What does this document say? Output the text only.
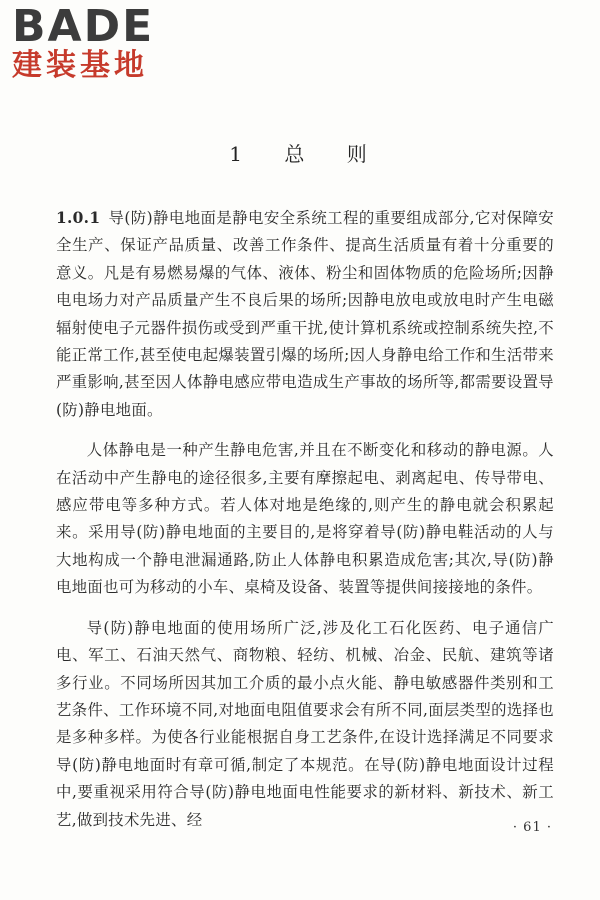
BADE
建装基地
1 总 则

1.0.1 导(防)静电地面是静电安全系统工程的重要组成部分,它对保障安全生产、保证产品质量、改善工作条件、提高生活质量有着十分重要的意义。凡是有易燃易爆的气体、液体、粉尘和固体物质的危险场所;因静电电场力对产品质量产生不良后果的场所;因静电放电或放电时产生电磁辐射使电子元器件损伤或受到严重干扰,使计算机系统或控制系统失控,不能正常工作,甚至使电起爆装置引爆的场所;因人身静电给工作和生活带来严重影响,甚至因人体静电感应带电造成生产事故的场所等,都需要设置导(防)静电地面。

人体静电是一种产生静电危害,并且在不断变化和移动的静电源。人在活动中产生静电的途径很多,主要有摩擦起电、剥离起电、传导带电、感应带电等多种方式。若人体对地是绝缘的,则产生的静电就会积累起来。采用导(防)静电地面的主要目的,是将穿着导(防)静电鞋活动的人与大地构成一个静电泄漏通路,防止人体静电积累造成危害;其次,导(防)静电地面也可为移动的小车、桌椅及设备、装置等提供间接接地的条件。

导(防)静电地面的使用场所广泛,涉及化工石化医药、电子通信广电、军工、石油天然气、商物粮、轻纺、机械、冶金、民航、建筑等诸多行业。不同场所因其加工介质的最小点火能、静电敏感器件类别和工艺条件、工作环境不同,对地面电阻值要求会有所不同,面层类型的选择也是多种多样。为使各行业能根据自身工艺条件,在设计选择满足不同要求导(防)静电地面时有章可循,制定了本规范。在导(防)静电地面设计过程中,要重视采用符合导(防)静电地面电性能要求的新材料、新技术、新工艺,做到技术先进、经	· 61 ·
